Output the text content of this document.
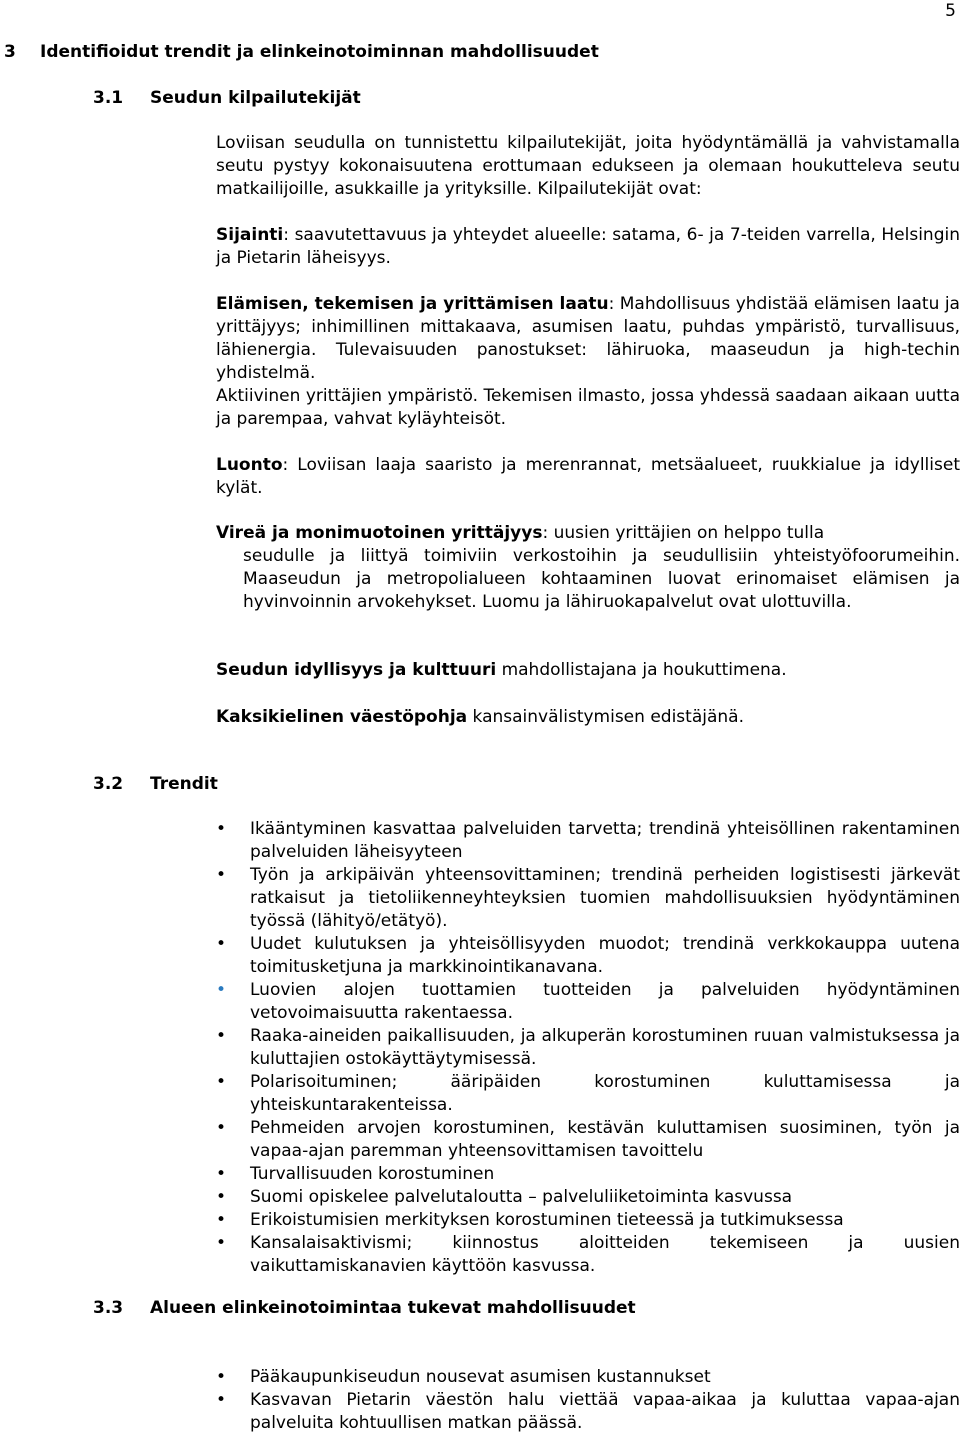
5
3 Identifioidut trendit ja elinkeinotoiminnan mahdollisuudet
3.1 Seudun kilpailutekijät
Loviisan seudulla on tunnistettu kilpailutekijät, joita hyödyntämällä ja vahvistamalla seutu pystyy kokonaisuutena erottumaan edukseen ja olemaan houkutteleva seutu matkailijoille, asukkaille ja yrityksille. Kilpailutekijät ovat:
Sijainti: saavutettavuus ja yhteydet alueelle: satama, 6- ja 7-teiden varrella, Helsingin ja Pietarin läheisyys.
Elämisen, tekemisen ja yrittämisen laatu: Mahdollisuus yhdistää elämisen laatu ja yrittäjyys; inhimillinen mittakaava, asumisen laatu, puhdas ympäristö, turvallisuus, lähienergia. Tulevaisuuden panostukset: lähiruoka, maaseudun ja high-techin yhdistelmä.
Aktiivinen yrittäjien ympäristö. Tekemisen ilmasto, jossa yhdessä saadaan aikaan uutta ja parempaa, vahvat kyläyhteisöt.
Luonto: Loviisan laaja saaristo ja merenrannat, metsäalueet, ruukkialue ja idylliset kylät.
Vireä ja monimuotoinen yrittäjyys: uusien yrittäjien on helppo tulla
seudulle ja liittyä toimiviin verkostoihin ja seudullisiin yhteistyöfoorumeihin. Maaseudun ja metropolialueen kohtaaminen luovat erinomaiset elämisen ja hyvinvoinnin arvokehykset. Luomu ja lähiruokapalvelut ovat ulottuvilla.
Seudun idyllisyys ja kulttuuri mahdollistajana ja houkuttimena.
Kaksikielinen väestöpohja kansainvälistymisen edistäjänä.
3.2 Trendit
• Ikääntyminen kasvattaa palveluiden tarvetta; trendinä yhteisöllinen rakentaminen palveluiden läheisyyteen
• Työn ja arkipäivän yhteensovittaminen; trendinä perheiden logistisesti järkevät ratkaisut ja tietoliikenneyhteyksien tuomien mahdollisuuksien hyödyntäminen työssä (lähityö/etätyö).
• Uudet kulutuksen ja yhteisöllisyyden muodot; trendinä verkkokauppa uutena toimitusketjuna ja markkinointikanavana.
• Luovien alojen tuottamien tuotteiden ja palveluiden hyödyntäminen vetovoimaisuutta rakentaessa.
• Raaka-aineiden paikallisuuden, ja alkuperän korostuminen ruuan valmistuksessa ja kuluttajien ostokäyttäytymisessä.
• Polarisoituminen; ääripäiden korostuminen kuluttamisessa ja yhteiskuntarakenteissa.
• Pehmeiden arvojen korostuminen, kestävän kuluttamisen suosiminen, työn ja vapaa-ajan paremman yhteensovittamisen tavoittelu
• Turvallisuuden korostuminen
• Suomi opiskelee palvelutaloutta – palveluliiketoiminta kasvussa
• Erikoistumisien merkityksen korostuminen tieteessä ja tutkimuksessa
• Kansalaisaktivismi; kiinnostus aloitteiden tekemiseen ja uusien vaikuttamiskanavien käyttöön kasvussa.
3.3 Alueen elinkeinotoimintaa tukevat mahdollisuudet
• Pääkaupunkiseudun nousevat asumisen kustannukset
• Kasvavan Pietarin väestön halu viettää vapaa-aikaa ja kuluttaa vapaa-ajan palveluita kohtuullisen matkan päässä.
